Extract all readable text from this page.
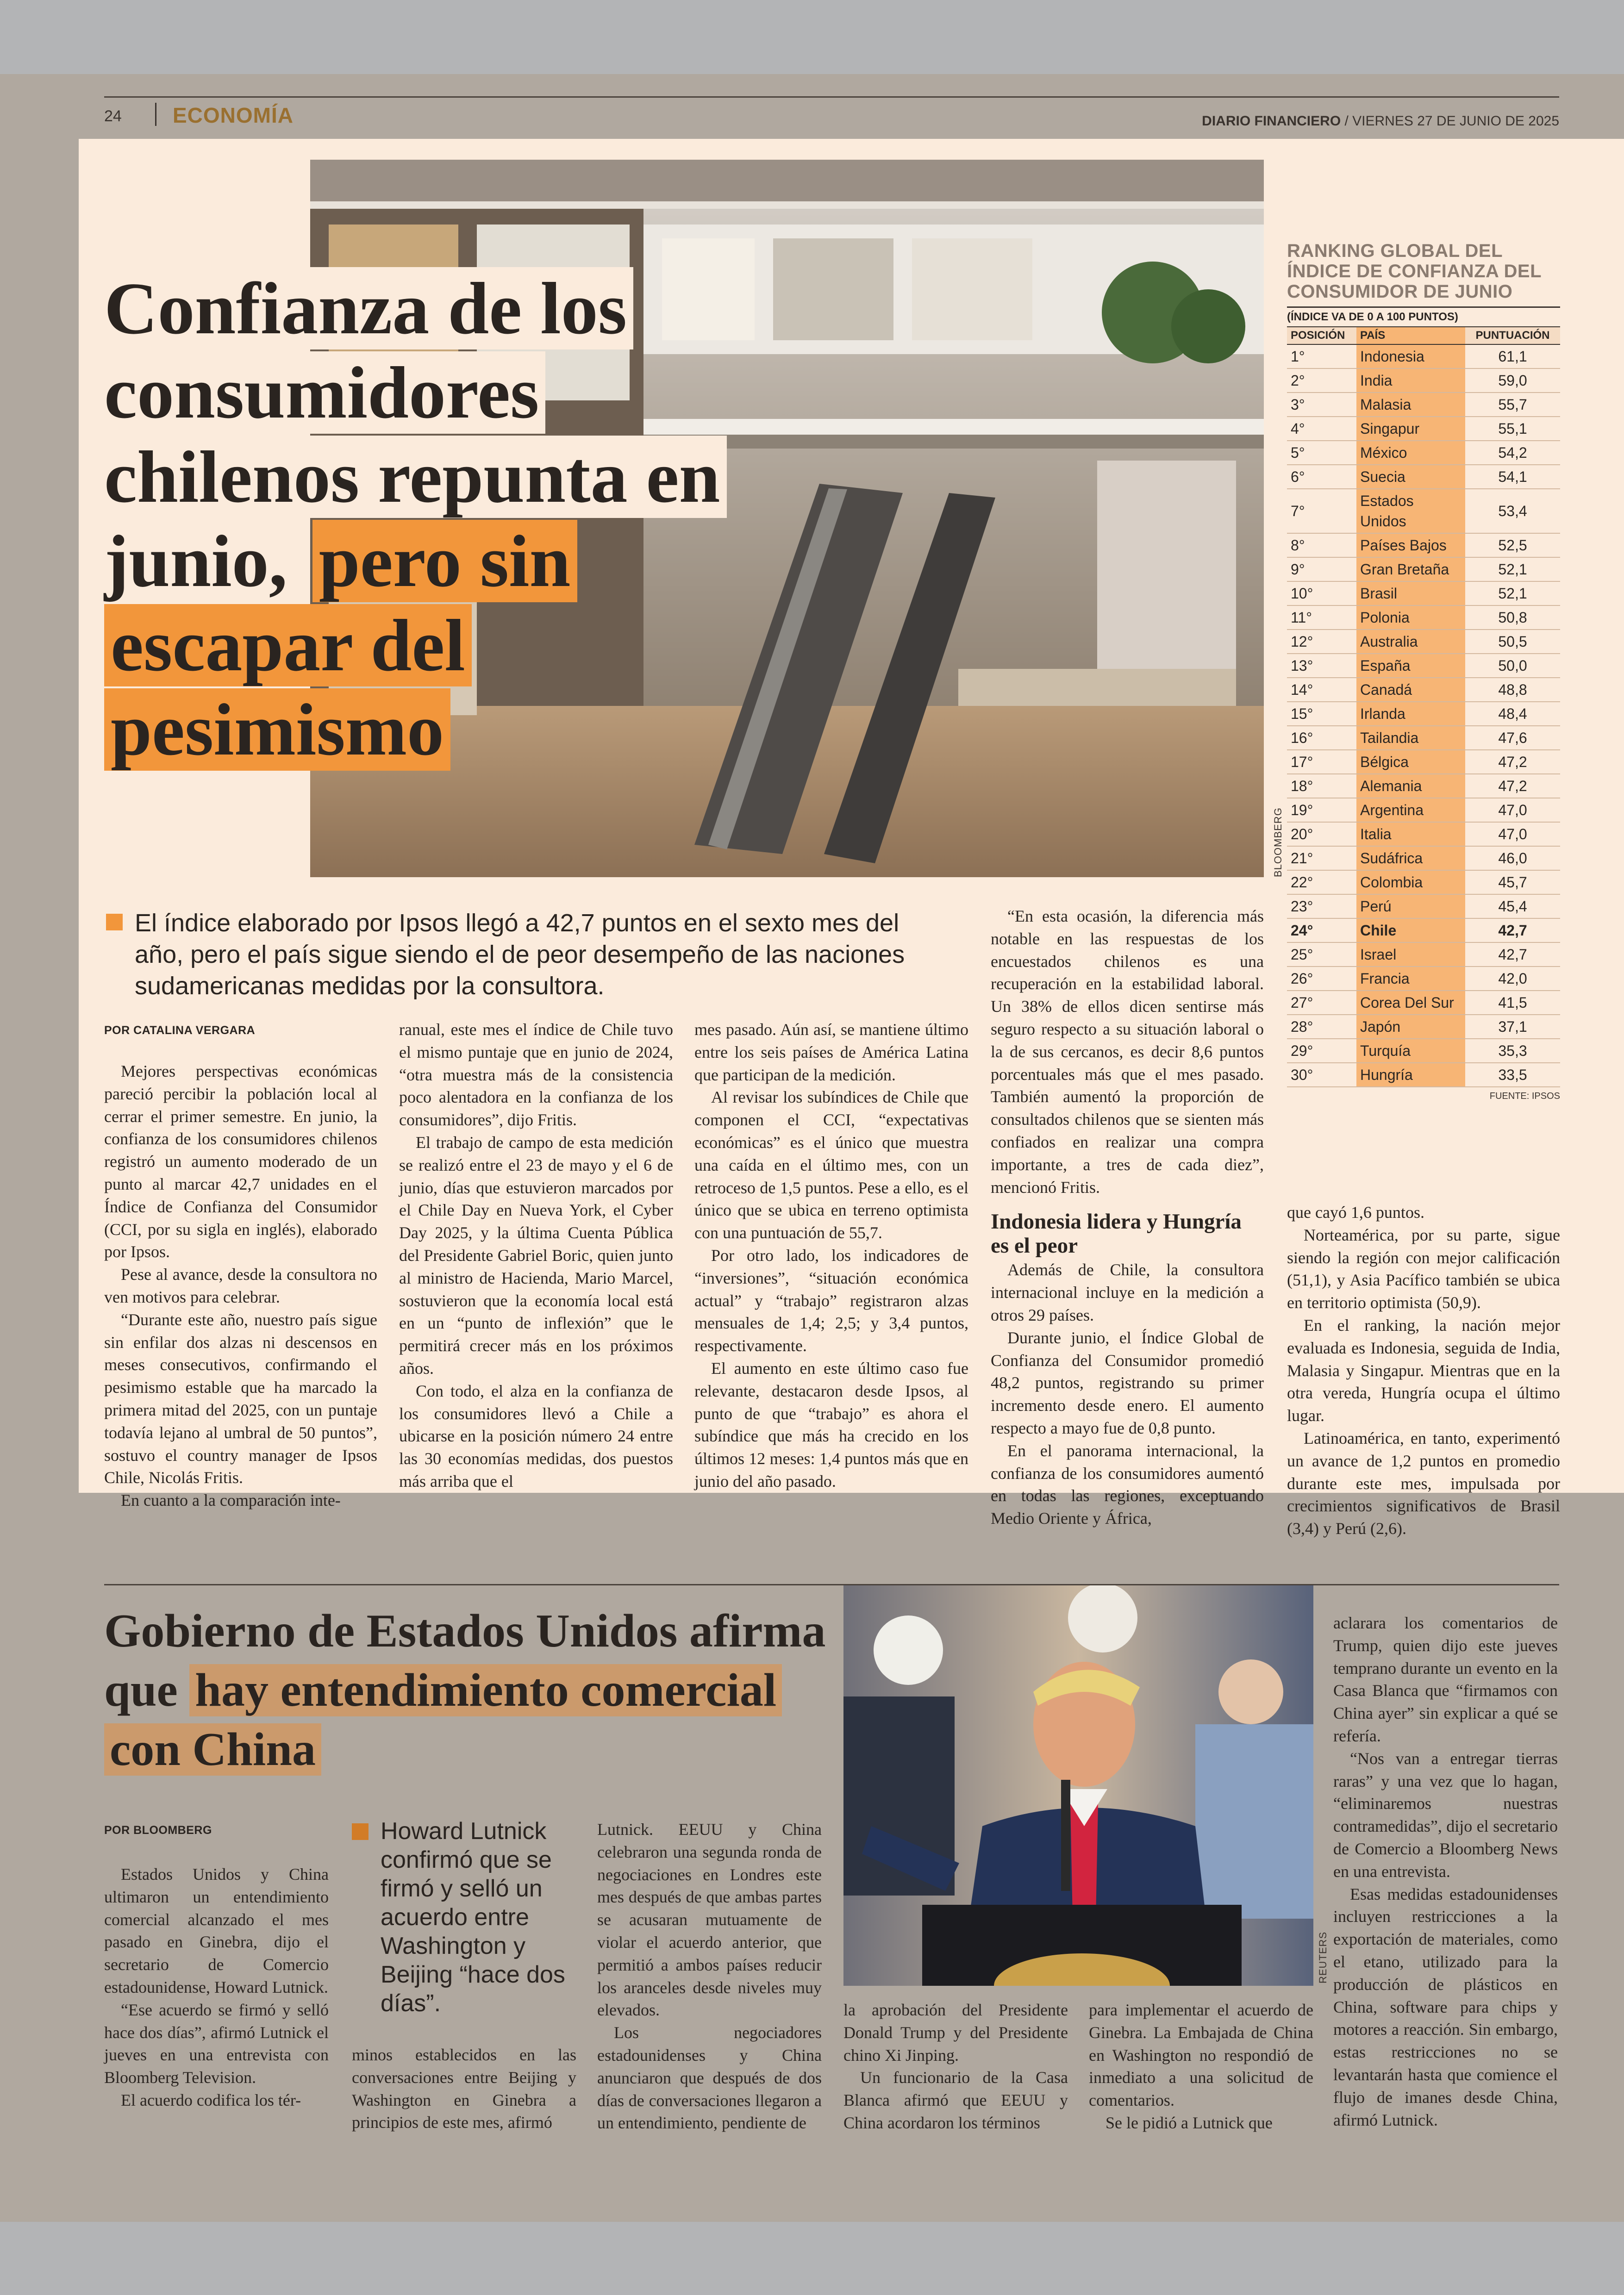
24 ECONOMÍA	DIARIO FINANCIERO / VIERNES 27 DE JUNIO DE 2025
BLOOMBERG
Confianza de los consumidores chilenos repunta en junio, pero sin escapar del pesimismo

El índice elaborado por Ipsos llegó a 42,7 puntos en el sexto mes del año, pero el país sigue siendo el de peor desempeño de las naciones sudamericanas medidas por la consultora.

POR CATALINA VERGARA

Mejores perspectivas económicas pareció percibir la población local al cerrar el primer semestre. En junio, la confianza de los consumidores chilenos registró un aumento moderado de un punto al marcar 42,7 unidades en el Índice de Confianza del Consumidor (CCI, por su sigla en inglés), elaborado por Ipsos.

Pese al avance, desde la consultora no ven motivos para celebrar.

“Durante este año, nuestro país sigue sin enfilar dos alzas ni descensos en meses consecutivos, confirmando el pesimismo estable que ha marcado la primera mitad del 2025, con un puntaje todavía lejano al umbral de 50 puntos”, sostuvo el country manager de Ipsos Chile, Nicolás Fritis.

En cuanto a la comparación inte-

ranual, este mes el índice de Chile tuvo el mismo puntaje que en junio de 2024, “otra muestra más de la consistencia poco alentadora en la confianza de los consumidores”, dijo Fritis.

El trabajo de campo de esta medición se realizó entre el 23 de mayo y el 6 de junio, días que estuvieron marcados por el Chile Day en Nueva York, el Cyber Day 2025, y la última Cuenta Pública del Presidente Gabriel Boric, quien junto al ministro de Hacienda, Mario Marcel, sostuvieron que la economía local está en un “punto de inflexión” que le permitirá crecer más en los próximos años.

Con todo, el alza en la confianza de los consumidores llevó a Chile a ubicarse en la posición número 24 entre las 30 economías medidas, dos puestos más arriba que el

mes pasado. Aún así, se mantiene último entre los seis países de América Latina que participan de la medición.

Al revisar los subíndices de Chile que componen el CCI, “expectativas económicas” es el único que muestra una caída en el último mes, con un retroceso de 1,5 puntos. Pese a ello, es el único que se ubica en terreno optimista con una puntuación de 55,7.

Por otro lado, los indicadores de “inversiones”, “situación económica actual” y “trabajo” registraron alzas mensuales de 1,4; 2,5; y 3,4 puntos, respectivamente.

El aumento en este último caso fue relevante, destacaron desde Ipsos, al punto de que “trabajo” es ahora el subíndice que más ha crecido en los últimos 12 meses: 1,4 puntos más que en junio del año pasado.

“En esta ocasión, la diferencia más notable en las respuestas de los encuestados chilenos es una recuperación en la estabilidad laboral. Un 38% de ellos dicen sentirse más seguro respecto a su situación laboral o la de sus cercanos, es decir 8,6 puntos porcentuales más que el mes pasado. También aumentó la proporción de consultados chilenos que se sienten más confiados en realizar una compra importante, a tres de cada diez”, mencionó Fritis.

Indonesia lidera y Hungría es el peor

Además de Chile, la consultora internacional incluye en la medición a otros 29 países.

Durante junio, el Índice Global de Confianza del Consumidor promedió 48,2 puntos, registrando su primer incremento desde enero. El aumento respecto a mayo fue de 0,8 punto.

En el panorama internacional, la confianza de los consumidores aumentó en todas las regiones, exceptuando Medio Oriente y África,

que cayó 1,6 puntos.

Norteamérica, por su parte, sigue siendo la región con mejor calificación (51,1), y Asia Pacífico también se ubica en territorio optimista (50,9).

En el ranking, la nación mejor evaluada es Indonesia, seguida de India, Malasia y Singapur. Mientras que en la otra vereda, Hungría ocupa el último lugar.

Latinoamérica, en tanto, experimentó un avance de 1,2 puntos en promedio durante este mes, impulsada por crecimientos significativos de Brasil (3,4) y Perú (2,6).

RANKING GLOBAL DEL ÍNDICE DE CONFIANZA DEL CONSUMIDOR DE JUNIO
(ÍNDICE VA DE 0 A 100 PUNTOS)
POSICIÓN	PAÍS	PUNTUACIÓN
1°	Indonesia	61,1
2°	India	59,0
3°	Malasia	55,7
4°	Singapur	55,1
5°	México	54,2
6°	Suecia	54,1
7°	Estados Unidos	53,4
8°	Países Bajos	52,5
9°	Gran Bretaña	52,1
10°	Brasil	52,1
11°	Polonia	50,8
12°	Australia	50,5
13°	España	50,0
14°	Canadá	48,8
15°	Irlanda	48,4
16°	Tailandia	47,6
17°	Bélgica	47,2
18°	Alemania	47,2
19°	Argentina	47,0
20°	Italia	47,0
21°	Sudáfrica	46,0
22°	Colombia	45,7
23°	Perú	45,4
24°	Chile	42,7
25°	Israel	42,7
26°	Francia	42,0
27°	Corea Del Sur	41,5
28°	Japón	37,1
29°	Turquía	35,3
30°	Hungría	33,5
FUENTE: IPSOS
Gobierno de Estados Unidos afirma que hay entendimiento comercial con China
REUTERS
POR BLOOMBERG	Howard Lutnick confirmó que se firmó y selló un acuerdo entre Washington y Beijing “hace dos días”.

Estados Unidos y China ultimaron un entendimiento comercial alcanzado el mes pasado en Ginebra, dijo el secretario de Comercio estadounidense, Howard Lutnick.

“Ese acuerdo se firmó y selló hace dos días”, afirmó Lutnick el jueves en una entrevista con Bloomberg Television.

El acuerdo codifica los tér-

minos establecidos en las conversaciones entre Beijing y Washington en Ginebra a principios de este mes, afirmó

Lutnick. EEUU y China celebraron una segunda ronda de negociaciones en Londres este mes después de que ambas partes se acusaran mutuamente de violar el acuerdo anterior, que permitió a ambos países reducir los aranceles desde niveles muy elevados.

Los negociadores estadounidenses y China anunciaron que después de dos días de conversaciones llegaron a un entendimiento, pendiente de

la aprobación del Presidente Donald Trump y del Presidente chino Xi Jinping.

Un funcionario de la Casa Blanca afirmó que EEUU y China acordaron los términos

para implementar el acuerdo de Ginebra. La Embajada de China en Washington no respondió de inmediato a una solicitud de comentarios.

Se le pidió a Lutnick que

aclarara los comentarios de Trump, quien dijo este jueves temprano durante un evento en la Casa Blanca que “firmamos con China ayer” sin explicar a qué se refería.

“Nos van a entregar tierras raras” y una vez que lo hagan, “eliminaremos nuestras contramedidas”, dijo el secretario de Comercio a Bloomberg News en una entrevista.

Esas medidas estadounidenses incluyen restricciones a la exportación de materiales, como el etano, utilizado para la producción de plásticos en China, software para chips y motores a reacción. Sin embargo, estas restricciones no se levantarán hasta que comience el flujo de imanes desde China, afirmó Lutnick.
